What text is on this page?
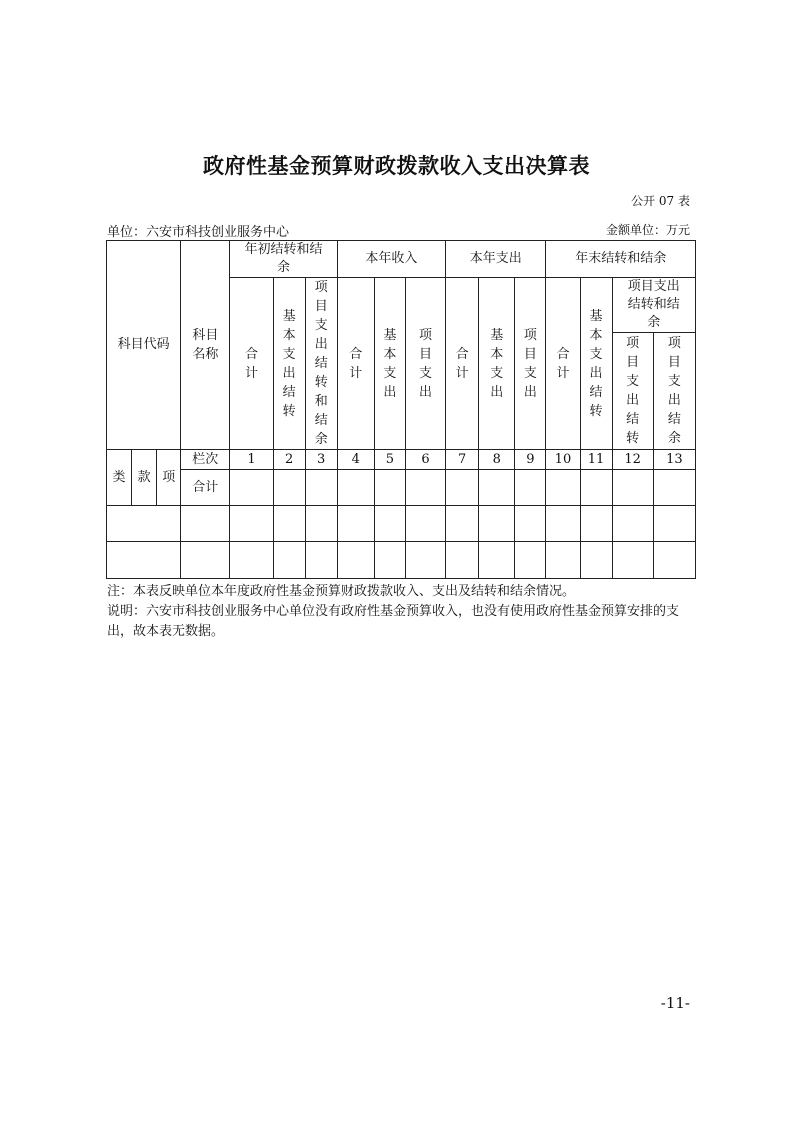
政府性基金预算财政拨款收入支出决算表
公开 07 表
单位：六安市科技创业服务中心	金额单位：万元
科目代码			科目名称	年初结转和结余			本年收入			本年支出			年末结转和结余			
				合计	基本支出结转	项目支出结转和结余	合计	基本支出	项目支出	合计	基本支出	项目支出	合计	基本支出结转	项目支出结转和结余	
															项目支出结转	项目支出结余
类	款	项	栏次	1	2	3	4	5	6	7	8	9	10	11	12	13
			合计													

注：本表反映单位本年度政府性基金预算财政拨款收入、支出及结转和结余情况。
说明：六安市科技创业服务中心单位没有政府性基金预算收入，也没有使用政府性基金预算安排的支出，故本表无数据。
-11-
